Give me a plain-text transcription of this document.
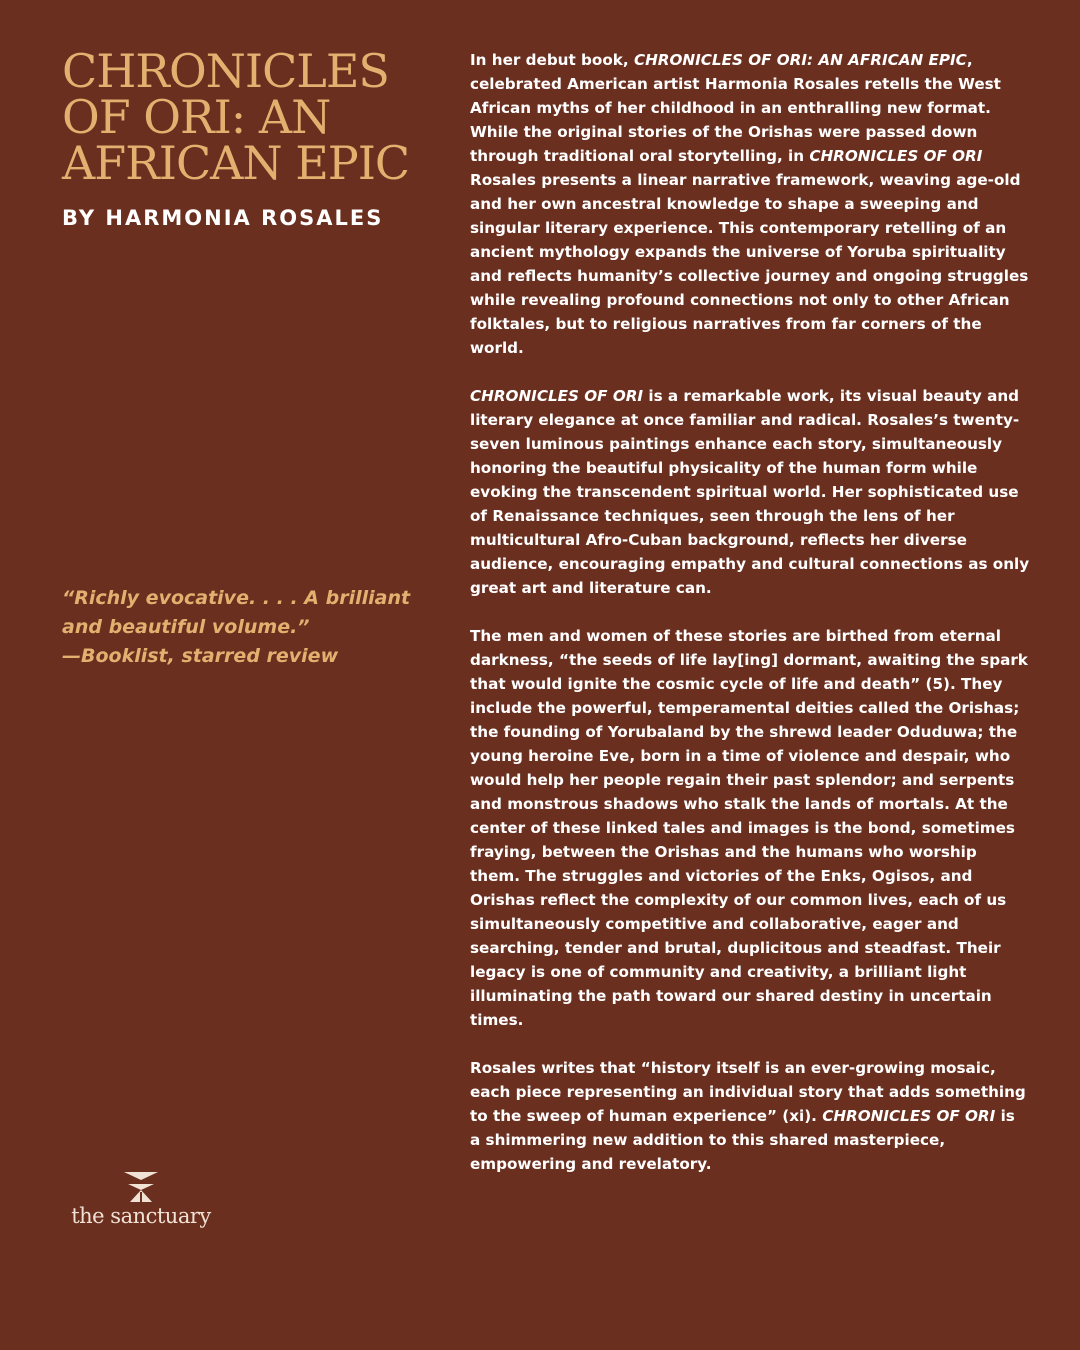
CHRONICLES
OF ORI: AN
AFRICAN EPIC
BY HARMONIA ROSALES
“Richly evocative. . . . A brilliant
and beautiful volume.”
—Booklist, starred review
the sanctuary
In her debut book, CHRONICLES OF ORI: AN AFRICAN EPIC, celebrated American artist Harmonia Rosales retells the West African myths of her childhood in an enthralling new format. While the original stories of the Orishas were passed down through traditional oral storytelling, in CHRONICLES OF ORI Rosales presents a linear narrative framework, weaving age-old and her own ancestral knowledge to shape a sweeping and singular literary experience. This contemporary retelling of an ancient mythology expands the universe of Yoruba spirituality and reflects humanity’s collective journey and ongoing struggles while revealing profound connections not only to other African folktales, but to religious narratives from far corners of the world.
CHRONICLES OF ORI is a remarkable work, its visual beauty and literary elegance at once familiar and radical. Rosales’s twenty-seven luminous paintings enhance each story, simultaneously honoring the beautiful physicality of the human form while evoking the transcendent spiritual world. Her sophisticated use of Renaissance techniques, seen through the lens of her multicultural Afro-Cuban background, reflects her diverse audience, encouraging empathy and cultural connections as only great art and literature can.
The men and women of these stories are birthed from eternal darkness, “the seeds of life lay[ing] dormant, awaiting the spark that would ignite the cosmic cycle of life and death” (5). They include the powerful, temperamental deities called the Orishas; the founding of Yorubaland by the shrewd leader Oduduwa; the young heroine Eve, born in a time of violence and despair, who would help her people regain their past splendor; and serpents and monstrous shadows who stalk the lands of mortals. At the center of these linked tales and images is the bond, sometimes fraying, between the Orishas and the humans who worship them. The struggles and victories of the Enks, Ogisos, and Orishas reflect the complexity of our common lives, each of us simultaneously competitive and collaborative, eager and searching, tender and brutal, duplicitous and steadfast. Their legacy is one of community and creativity, a brilliant light illuminating the path toward our shared destiny in uncertain times.
Rosales writes that “history itself is an ever-growing mosaic, each piece representing an individual story that adds something to the sweep of human experience” (xi). CHRONICLES OF ORI is a shimmering new addition to this shared masterpiece, empowering and revelatory.
